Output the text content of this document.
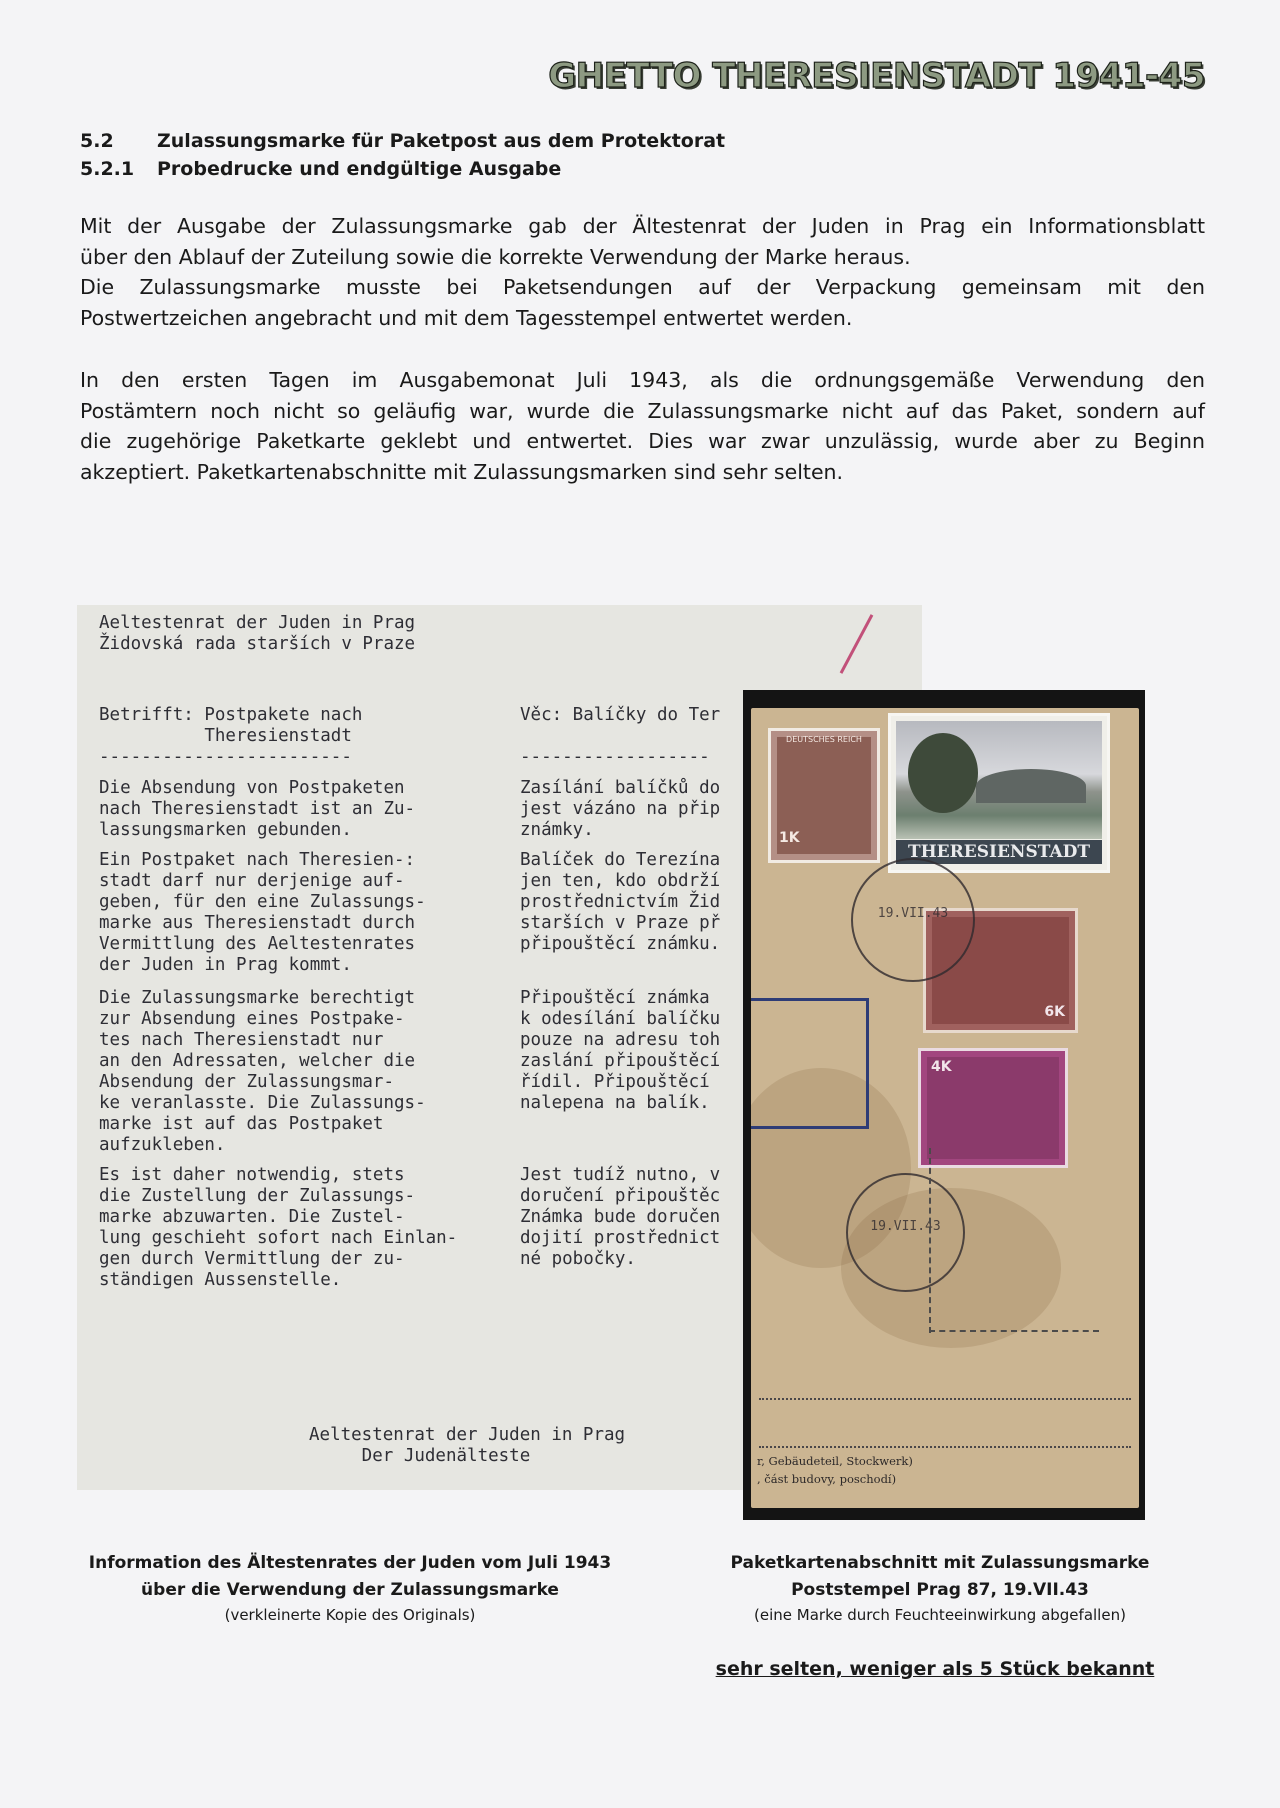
GHETTO THERESIENSTADT 1941-45
5.2 Zulassungsmarke für Paketpost aus dem Protektorat
5.2.1 Probedrucke und endgültige Ausgabe
Mit der Ausgabe der Zulassungsmarke gab der Ältestenrat der Juden in Prag ein Informationsblatt
über den Ablauf der Zuteilung sowie die korrekte Verwendung der Marke heraus.
Die Zulassungsmarke musste bei Paketsendungen auf der Verpackung gemeinsam mit den
Postwertzeichen angebracht und mit dem Tagesstempel entwertet werden.
In den ersten Tagen im Ausgabemonat Juli 1943, als die ordnungsgemäße Verwendung den
Postämtern noch nicht so geläufig war, wurde die Zulassungsmarke nicht auf das Paket, sondern auf
die zugehörige Paketkarte geklebt und entwertet. Dies war zwar unzulässig, wurde aber zu Beginn
akzeptiert. Paketkartenabschnitte mit Zulassungsmarken sind sehr selten.
Aeltestenrat der Juden in Prag
Židovská rada starších v Praze
Betrifft: Postpakete nach
Theresienstadt
------------------------
Věc: Balíčky do Ter

------------------
Die Absendung von Postpaketen
nach Theresienstadt ist an Zu-
lassungsmarken gebunden.
Zasílání balíčků do
jest vázáno na přip
známky.
Ein Postpaket nach Theresien-:
stadt darf nur derjenige auf-
geben, für den eine Zulassungs-
marke aus Theresienstadt durch
Vermittlung des Aeltestenrates
der Juden in Prag kommt.
Balíček do Terezína
jen ten, kdo obdrží
prostřednictvím Žid
starších v Praze př
připouštěcí známku.
Die Zulassungsmarke berechtigt
zur Absendung eines Postpake-
tes nach Theresienstadt nur
an den Adressaten, welcher die
Absendung der Zulassungsmar-
ke veranlasste. Die Zulassungs-
marke ist auf das Postpaket
aufzukleben.
Připouštěcí známka
k odesílání balíčku
pouze na adresu toh
zaslání připouštěcí
řídil. Připouštěcí
nalepena na balík.
Es ist daher notwendig, stets
die Zustellung der Zulassungs-
marke abzuwarten. Die Zustel-
lung geschieht sofort nach Einlan-
gen durch Vermittlung der zu-
ständigen Aussenstelle.
Jest tudíž nutno, v
doručení připouštěc
Známka bude doručen
dojití prostřednict
né pobočky.
Aeltestenrat der Juden in Prag
Der Judenälteste
DEUTSCHES REICH
1K
THERESIENSTADT
6K
4K
19.VII.43
19.VII.43
r, Gebäudeteil, Stockwerk)
, část budovy, poschodí)
Information des Ältestenrates der Juden vom Juli 1943
über die Verwendung der Zulassungsmarke
(verkleinerte Kopie des Originals)
Paketkartenabschnitt mit Zulassungsmarke
Poststempel Prag 87, 19.VII.43
(eine Marke durch Feuchteeinwirkung abgefallen)
sehr selten, weniger als 5 Stück bekannt
